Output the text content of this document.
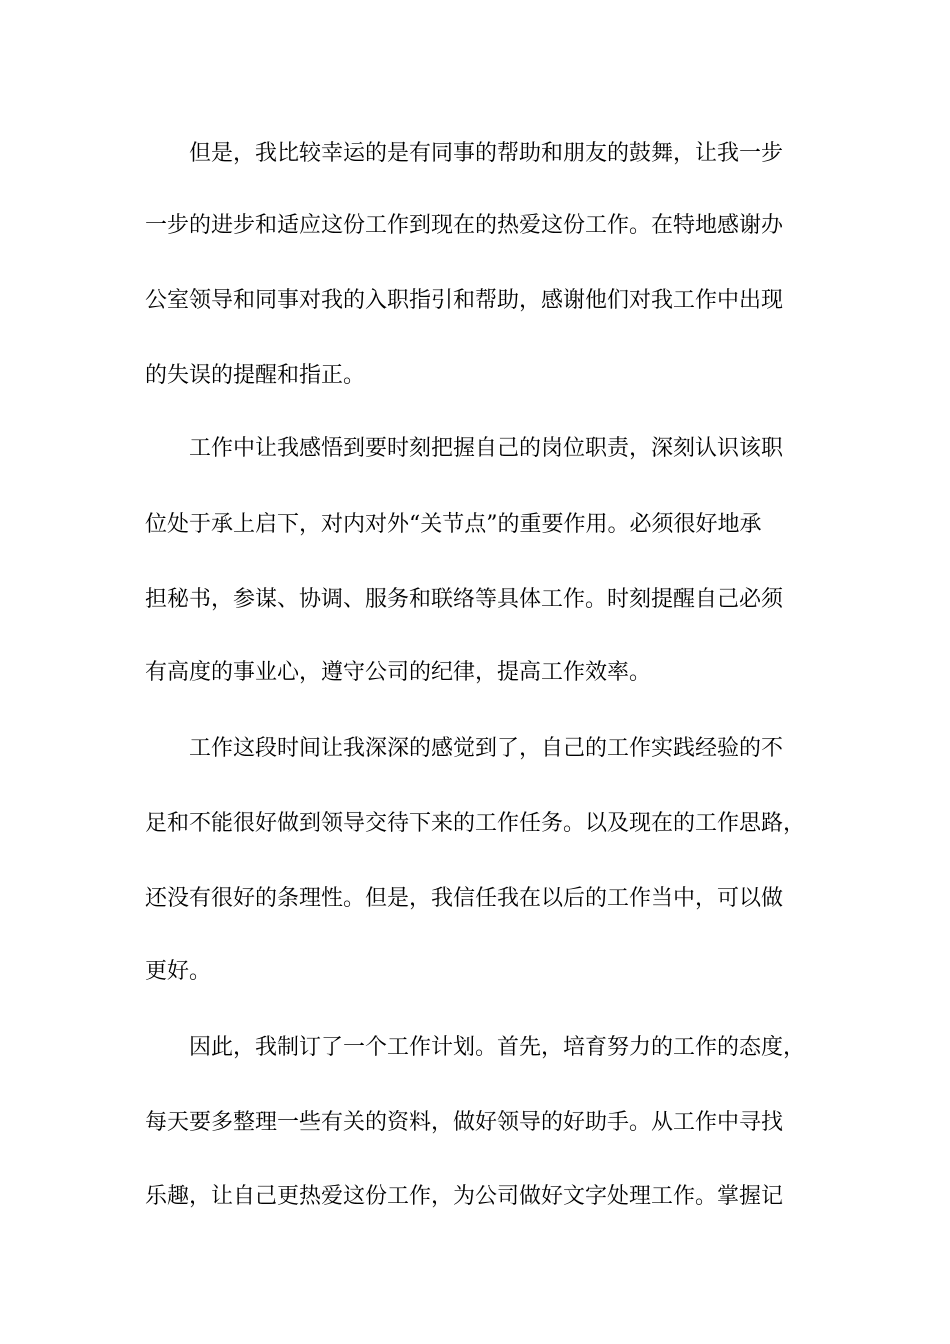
但是，我比较幸运的是有同事的帮助和朋友的鼓舞，让我一步

一步的进步和适应这份工作到现在的热爱这份工作。在特地感谢办

公室领导和同事对我的入职指引和帮助，感谢他们对我工作中出现

的失误的提醒和指正。

工作中让我感悟到要时刻把握自己的岗位职责，深刻认识该职

位处于承上启下，对内对外“关节点”的重要作用。必须很好地承

担秘书，参谋、协调、服务和联络等具体工作。时刻提醒自己必须

有高度的事业心，遵守公司的纪律，提高工作效率。

工作这段时间让我深深的感觉到了，自己的工作实践经验的不

足和不能很好做到领导交待下来的工作任务。以及现在的工作思路，

还没有很好的条理性。但是，我信任我在以后的工作当中，可以做

更好。

因此，我制订了一个工作计划。首先，培育努力的工作的态度，

每天要多整理一些有关的资料，做好领导的好助手。从工作中寻找

乐趣，让自己更热爱这份工作，为公司做好文字处理工作。掌握记
